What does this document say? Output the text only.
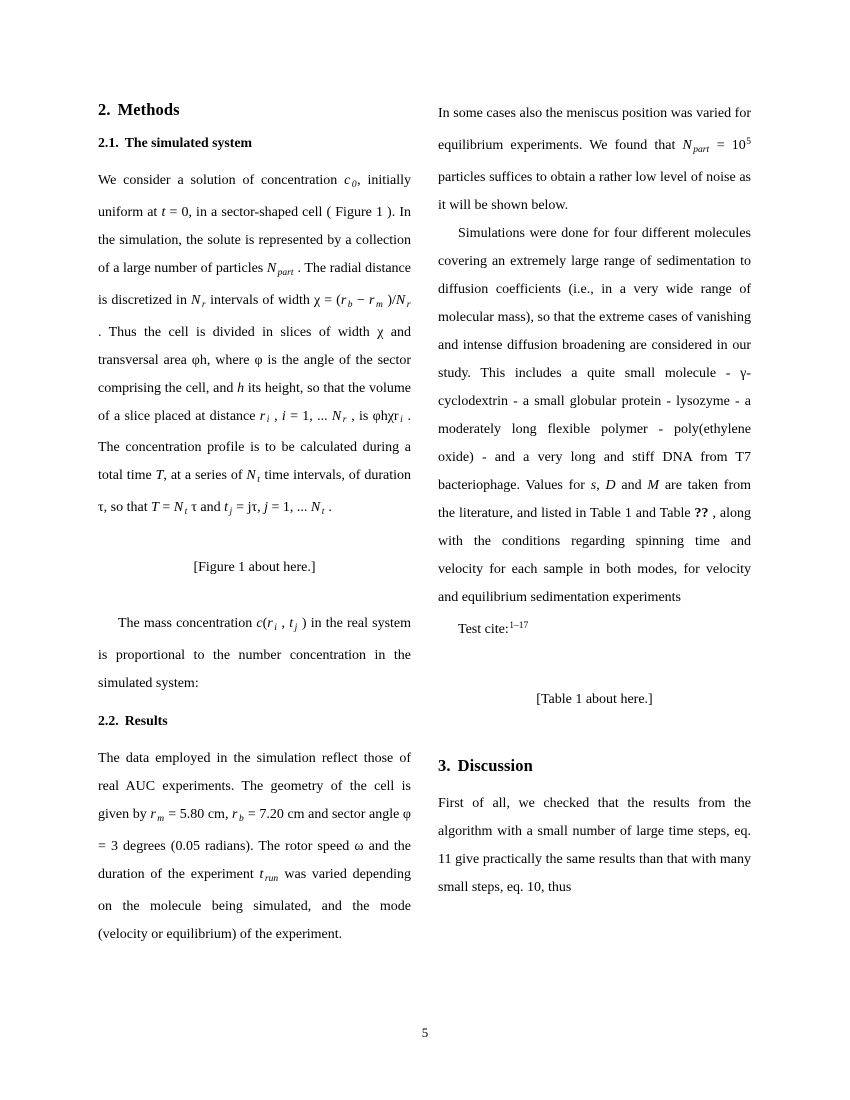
2. Methods
2.1. The simulated system

We consider a solution of concentration c $_0$, initially uniform at t = 0, in a sector-shaped cell ( Figure 1 ). In the simulation, the solute is represented by a collection of a large number of particles N $_{part}$ . The radial distance is discretized in N $_r$ intervals of width χ = (r $_b$ − r $_m$ )/N $_r$ . Thus the cell is divided in slices of width χ and transversal area φh, where φ is the angle of the sector comprising the cell, and h its height, so that the volume of a slice placed at distance r $_i$ , i = 1, ... N $_r$ , is φhχr $_i$ . The concentration profile is to be calculated during a total time T, at a series of N $_t$ time intervals, of duration τ, so that T = N $_t$ τ and t $_j$ = jτ, j = 1, ... N $_t$ .

[Figure 1 about here.]

The mass concentration c(r $_i$ , t $_j$ ) in the real system is proportional to the number concentration in the simulated system:

2.2. Results

The data employed in the simulation reflect those of real AUC experiments. The geometry of the cell is given by r $_m$ = 5.80 cm, r $_b$ = 7.20 cm and sector angle φ = 3 degrees (0.05 radians). The rotor speed ω and the duration of the experiment t $_{run}$ was varied depending on the molecule being simulated, and the mode (velocity or equilibrium) of the experiment.

In some cases also the meniscus position was varied for equilibrium experiments. We found that N $_{part} = 10^5$ particles suffices to obtain a rather low level of noise as it will be shown below.

Simulations were done for four different molecules covering an extremely large range of sedimentation to diffusion coefficients (i.e., in a very wide range of molecular mass), so that the extreme cases of vanishing and intense diffusion broadening are considered in our study. This includes a quite small molecule - γ-cyclodextrin - a small globular protein - lysozyme - a moderately long flexible polymer - poly(ethylene oxide) - and a very long and stiff DNA from T7 bacteriophage. Values for s, D and M are taken from the literature, and listed in Table 1 and Table ?? , along with the conditions regarding spinning time and velocity for each sample in both modes, for velocity and equilibrium sedimentation experiments

Test cite:$^{1-17}$

[Table 1 about here.]

3. Discussion

First of all, we checked that the results from the algorithm with a small number of large time steps, eq. 11 give practically the same results than that with many small steps, eq. 10, thus

5
